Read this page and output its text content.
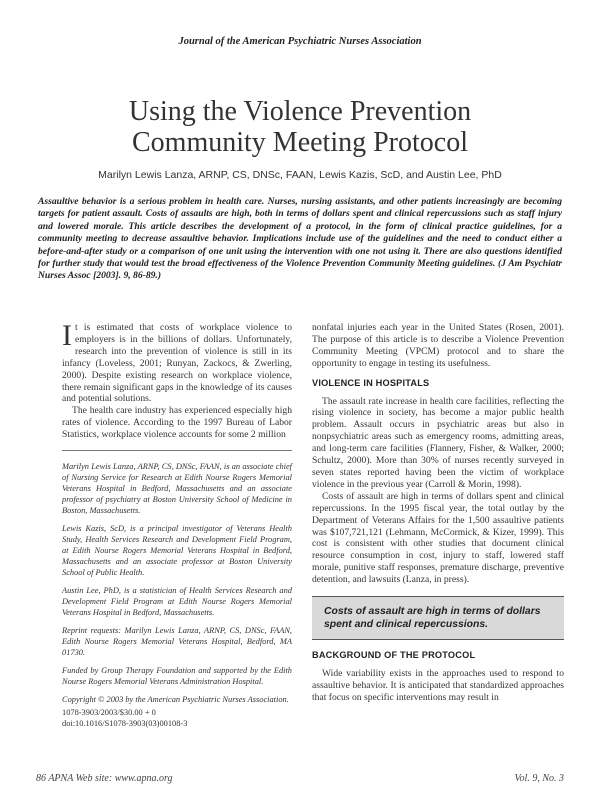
Journal of the American Psychiatric Nurses Association
Using the Violence Prevention
Community Meeting Protocol
Marilyn Lewis Lanza, ARNP, CS, DNSc, FAAN, Lewis Kazis, ScD, and Austin Lee, PhD
Assaultive behavior is a serious problem in health care. Nurses, nursing assistants, and other patients increasingly are becoming targets for patient assault. Costs of assaults are high, both in terms of dollars spent and clinical repercussions such as staff injury and lowered morale. This article describes the development of a protocol, in the form of clinical practice guidelines, for a community meeting to decrease assaultive behavior. Implications include use of the guidelines and the need to conduct either a before-and-after study or a comparison of one unit using the intervention with one not using it. There are also questions identified for further study that would test the broad effectiveness of the Violence Prevention Community Meeting guidelines. (J Am Psychiatr Nurses Assoc [2003]. 9, 86-89.)

It is estimated that costs of workplace violence to employers is in the billions of dollars. Unfortunately, research into the prevention of violence is still in its infancy (Loveless, 2001; Runyan, Zackocs, & Zwerling, 2000). Despite existing research on workplace violence, there remain significant gaps in the knowledge of its causes and potential solutions.

The health care industry has experienced especially high rates of violence. According to the 1997 Bureau of Labor Statistics, workplace violence accounts for some 2 million

Marilyn Lewis Lanza, ARNP, CS, DNSc, FAAN, is an associate chief of Nursing Service for Research at Edith Nourse Rogers Memorial Veterans Hospital in Bedford, Massachusetts and an associate professor of psychiatry at Boston University School of Medicine in Boston, Massachusetts.

Lewis Kazis, ScD, is a principal investigator of Veterans Health Study, Health Services Research and Development Field Program, at Edith Nourse Rogers Memorial Veterans Hospital in Bedford, Massachusetts and an associate professor at Boston University School of Public Health.

Austin Lee, PhD, is a statistician of Health Services Research and Development Field Program at Edith Nourse Rogers Memorial Veterans Hospital in Bedford, Massachusetts.

Reprint requests: Marilyn Lewis Lanza, ARNP, CS, DNSc, FAAN, Edith Nourse Rogers Memorial Veterans Hospital, Bedford, MA 01730.

Funded by Group Therapy Foundation and supported by the Edith Nourse Rogers Memorial Veterans Administration Hospital.

Copyright © 2003 by the American Psychiatric Nurses Association.

1078-3903/2003/$30.00 + 0

doi:10.1016/S1078-3903(03)00108-3

nonfatal injuries each year in the United States (Rosen, 2001). The purpose of this article is to describe a Violence Prevention Community Meeting (VPCM) protocol and to share the opportunity to engage in testing its usefulness.

VIOLENCE IN HOSPITALS

The assault rate increase in health care facilities, reflecting the rising violence in society, has become a major public health problem. Assault occurs in psychiatric areas but also in nonpsychiatric areas such as emergency rooms, admitting areas, and long-term care facilities (Flannery, Fisher, & Walker, 2000; Schultz, 2000). More than 30% of nurses recently surveyed in seven states reported having been the victim of workplace violence in the previous year (Carroll & Morin, 1998).

Costs of assault are high in terms of dollars spent and clinical repercussions. In the 1995 fiscal year, the total outlay by the Department of Veterans Affairs for the 1,500 assaultive patients was $107,721,121 (Lehmann, McCormick, & Kizer, 1999). This cost is consistent with other studies that document clinical resource consumption in cost, injury to staff, lowered staff morale, punitive staff responses, premature discharge, preventive detention, and lawsuits (Lanza, in press).

Costs of assault are high in terms of dollars spent and clinical repercussions.
BACKGROUND OF THE PROTOCOL

Wide variability exists in the approaches used to respond to assaultive behavior. It is anticipated that standardized approaches that focus on specific interventions may result in

86 APNA Web site: www.apna.org	Vol. 9, No. 3
